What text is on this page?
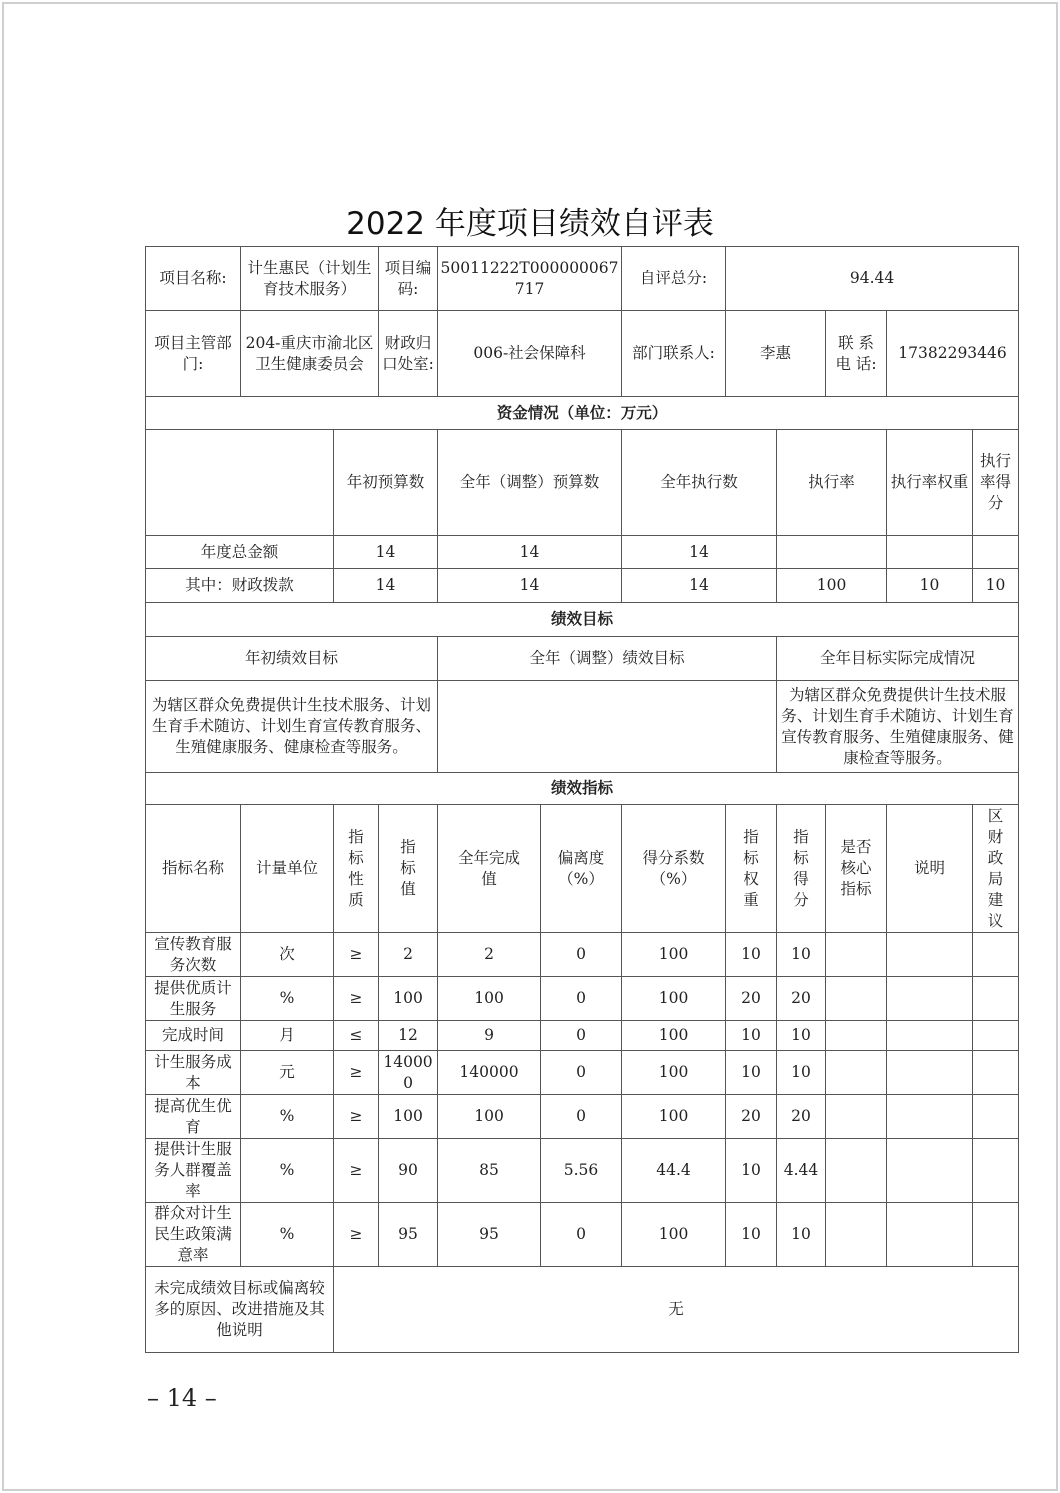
2022 年度项目绩效自评表
项目名称:	计生惠民（计划生育技术服务）		项目编码:	50011222T000000067717		自评总分:	94.44				
项目主管部门:	204-重庆市渝北区卫生健康委员会		财政归口处室:	006-社会保障科		部门联系人:	李惠		联 系 电 话:	17382293446	
资金情况（单位：万元）											
		年初预算数		全年（调整）预算数		全年执行数		执行率		执行率权重	执行率得分
年度总金额		14		14		14					
其中：财政拨款		14		14		14		100		10	10
绩效目标											
年初绩效目标				全年（调整）绩效目标				全年目标实际完成情况			
为辖区群众免费提供计生技术服务、计划生育手术随访、计划生育宣传教育服务、生殖健康服务、健康检查等服务。								为辖区群众免费提供计生技术服务、计划生育手术随访、计划生育宣传教育服务、生殖健康服务、健康检查等服务。			
绩效指标											
指标名称	计量单位	指标性质	指标值	全年完成值	偏离度（%）	得分系数（%）	指标权重	指标得分	是否核心指标	说明	区财政局建议
宣传教育服务次数	次	≥	2	2	0	100	10	10			
提供优质计生服务	%	≥	100	100	0	100	20	20			
完成时间	月	≤	12	9	0	100	10	10			
计生服务成本	元	≥	140000	140000	0	100	10	10			
提高优生优育	%	≥	100	100	0	100	20	20			
提供计生服务人群覆盖率	%	≥	90	85	5.56	44.4	10	4.44			
群众对计生民生政策满意率	%	≥	95	95	0	100	10	10			
未完成绩效目标或偏离较多的原因、改进措施及其他说明		无									
– 14 –
